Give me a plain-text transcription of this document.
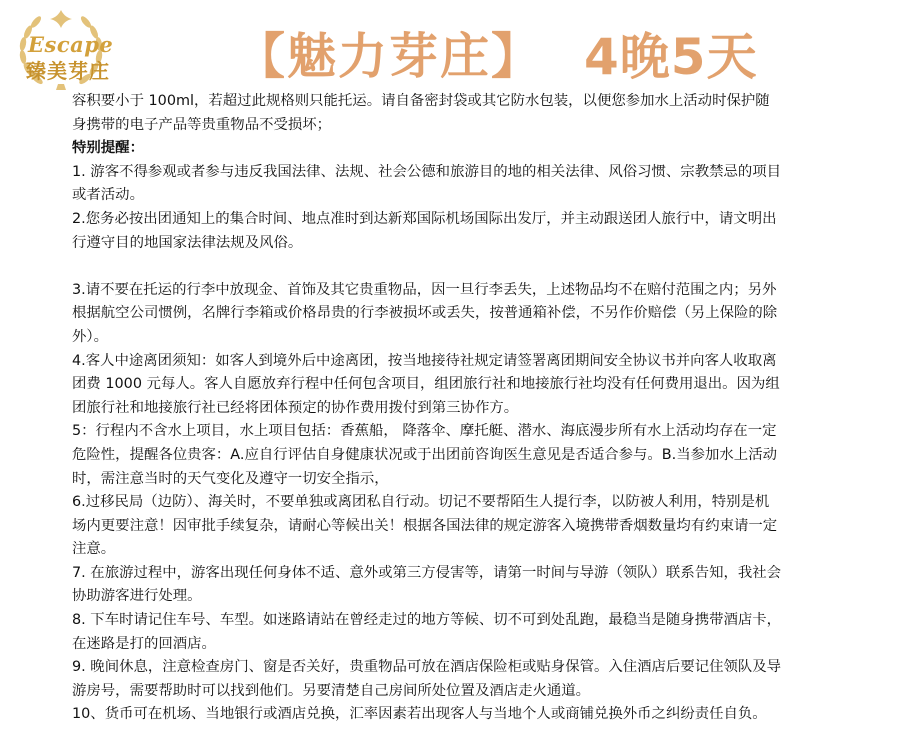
Escape
臻美芽庄	【魅力芽庄】 4晚5天

容积要小于 100ml，若超过此规格则只能托运。请自备密封袋或其它防水包装，以便您参加水上活动时保护随身携带的电子产品等贵重物品不受损坏；

特别提醒：

1. 游客不得参观或者参与违反我国法律、法规、社会公德和旅游目的地的相关法律、风俗习惯、宗教禁忌的项目或者活动。

2.您务必按出团通知上的集合时间、地点准时到达新郑国际机场国际出发厅，并主动跟送团人旅行中，请文明出行遵守目的地国家法律法规及风俗。

3.请不要在托运的行李中放现金、首饰及其它贵重物品，因一旦行李丢失，上述物品均不在赔付范围之内；另外根据航空公司惯例，名牌行李箱或价格昂贵的行李被损坏或丢失，按普通箱补偿，不另作价赔偿（另上保险的除外）。

4.客人中途离团须知：如客人到境外后中途离团，按当地接待社规定请签署离团期间安全协议书并向客人收取离团费 1000 元每人。客人自愿放弃行程中任何包含项目，组团旅行社和地接旅行社均没有任何费用退出。因为组团旅行社和地接旅行社已经将团体预定的协作费用拨付到第三协作方。

5：行程内不含水上项目，水上项目包括：香蕉船， 降落伞、摩托艇、潜水、海底漫步所有水上活动均存在一定危险性，提醒各位贵客：A.应自行评估自身健康状况或于出团前咨询医生意见是否适合参与。B.当参加水上活动时，需注意当时的天气变化及遵守一切安全指示，

6.过移民局（边防）、海关时，不要单独或离团私自行动。切记不要帮陌生人提行李，以防被人利用，特别是机场内更要注意！因审批手续复杂，请耐心等候出关！根据各国法律的规定游客入境携带香烟数量均有约束请一定注意。

7. 在旅游过程中，游客出现任何身体不适、意外或第三方侵害等，请第一时间与导游（领队）联系告知，我社会协助游客进行处理。

8. 下车时请记住车号、车型。如迷路请站在曾经走过的地方等候、切不可到处乱跑，最稳当是随身携带酒店卡，在迷路是打的回酒店。

9. 晚间休息，注意检查房门、窗是否关好，贵重物品可放在酒店保险柜或贴身保管。入住酒店后要记住领队及导游房号，需要帮助时可以找到他们。另要清楚自己房间所处位置及酒店走火通道。

10、货币可在机场、当地银行或酒店兑换，汇率因素若出现客人与当地个人或商铺兑换外币之纠纷责任自负。
